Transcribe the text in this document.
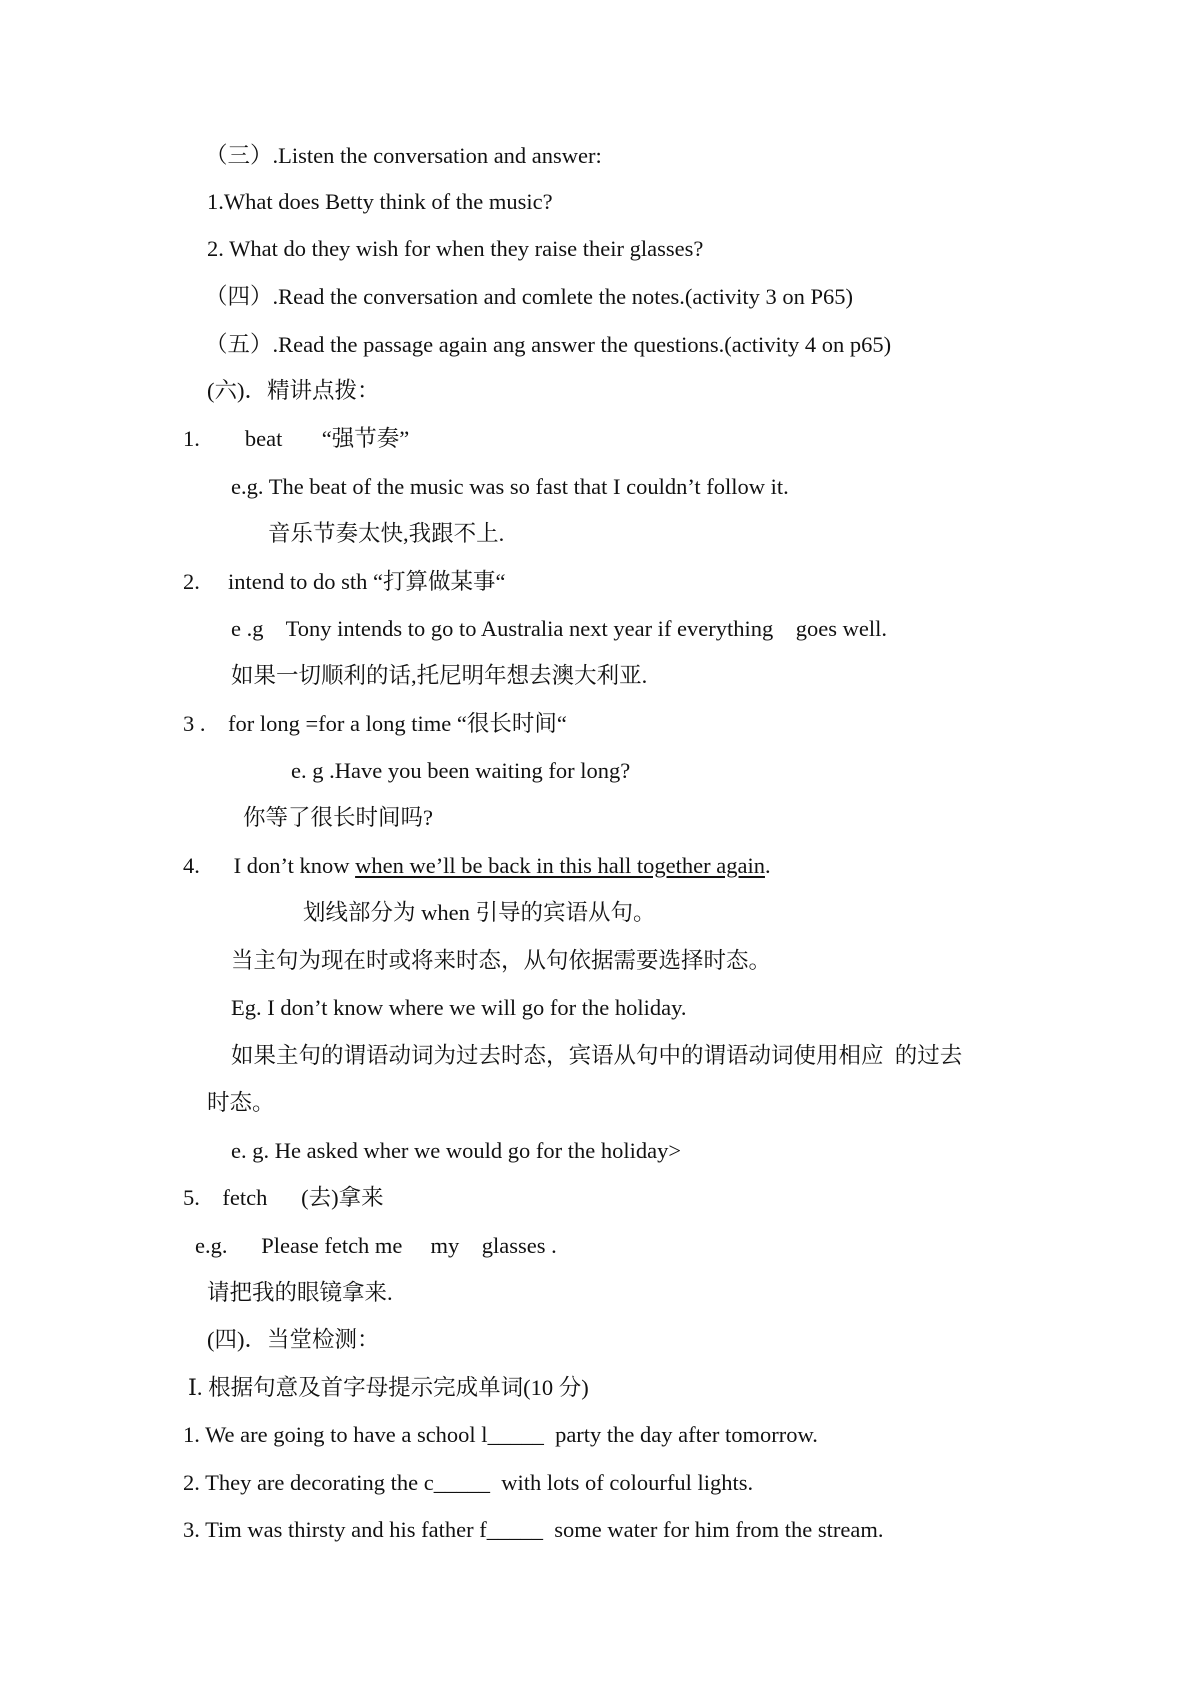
（三）.Listen the conversation and answer:
1.What does Betty think of the music?
2. What do they wish for when they raise their glasses?
（四）.Read the conversation and comlete the notes.(activity 3 on P65)
（五）.Read the passage again ang answer the questions.(activity 4 on p65)
(六)．精讲点拨：
1.        beat       “强节奏”
e.g. The beat of the music was so fast that I couldn’t follow it.
音乐节奏太快,我跟不上.
2.     intend to do sth “打算做某事“
e .g    Tony intends to go to Australia next year if everything    goes well.
如果一切顺利的话,托尼明年想去澳大利亚.
3 .    for long =for a long time “很长时间“
e. g .Have you been waiting for long?
你等了很长时间吗?
4.      I don’t know when we’ll be back in this hall together again.
划线部分为 when 引导的宾语从句。
当主句为现在时或将来时态，从句依据需要选择时态。
Eg. I don’t know where we will go for the holiday.
如果主句的谓语动词为过去时态，宾语从句中的谓语动词使用相应  的过去
时态。
e. g. He asked wher we would go for the holiday>
5.    fetch      (去)拿来
e.g.      Please fetch me     my    glasses .
请把我的眼镜拿来.
(四)．当堂检测：
Ⅰ. 根据句意及首字母提示完成单词(10 分)
1. We are going to have a school l_____  party the day after tomorrow.
2. They are decorating the c_____  with lots of colourful lights.
3. Tim was thirsty and his father f_____  some water for him from the stream.
